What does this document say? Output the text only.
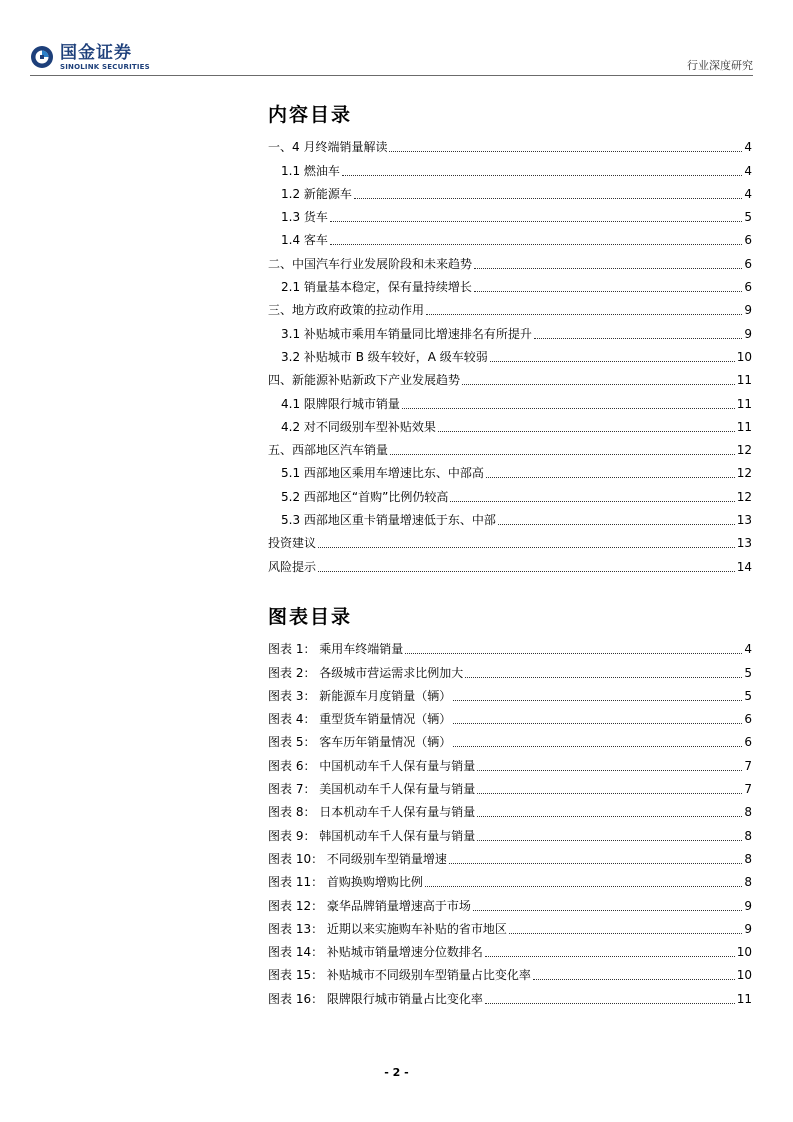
国金证券
SINOLINK SECURITIES	行业深度研究
内容目录
一、4 月终端销量解读	4
1.1 燃油车	4
1.2 新能源车	4
1.3 货车	5
1.4 客车	6
二、中国汽车行业发展阶段和未来趋势	6
2.1 销量基本稳定，保有量持续增长	6
三、地方政府政策的拉动作用	9
3.1 补贴城市乘用车销量同比增速排名有所提升	9
3.2 补贴城市 B 级车较好，A 级车较弱	10
四、新能源补贴新政下产业发展趋势	11
4.1 限牌限行城市销量	11
4.2 对不同级别车型补贴效果	11
五、西部地区汽车销量	12
5.1 西部地区乘用车增速比东、中部高	12
5.2 西部地区“首购”比例仍较高	12
5.3 西部地区重卡销量增速低于东、中部	13
投资建议	13
风险提示	14
图表目录
图表 1： 乘用车终端销量	4
图表 2： 各级城市营运需求比例加大	5
图表 3： 新能源车月度销量（辆）	5
图表 4： 重型货车销量情况（辆）	6
图表 5： 客车历年销量情况（辆）	6
图表 6： 中国机动车千人保有量与销量	7
图表 7： 美国机动车千人保有量与销量	7
图表 8： 日本机动车千人保有量与销量	8
图表 9： 韩国机动车千人保有量与销量	8
图表 10： 不同级别车型销量增速	8
图表 11： 首购换购增购比例	8
图表 12： 豪华品牌销量增速高于市场	9
图表 13： 近期以来实施购车补贴的省市地区	9
图表 14： 补贴城市销量增速分位数排名	10
图表 15： 补贴城市不同级别车型销量占比变化率	10
图表 16： 限牌限行城市销量占比变化率	11
- 2 -
